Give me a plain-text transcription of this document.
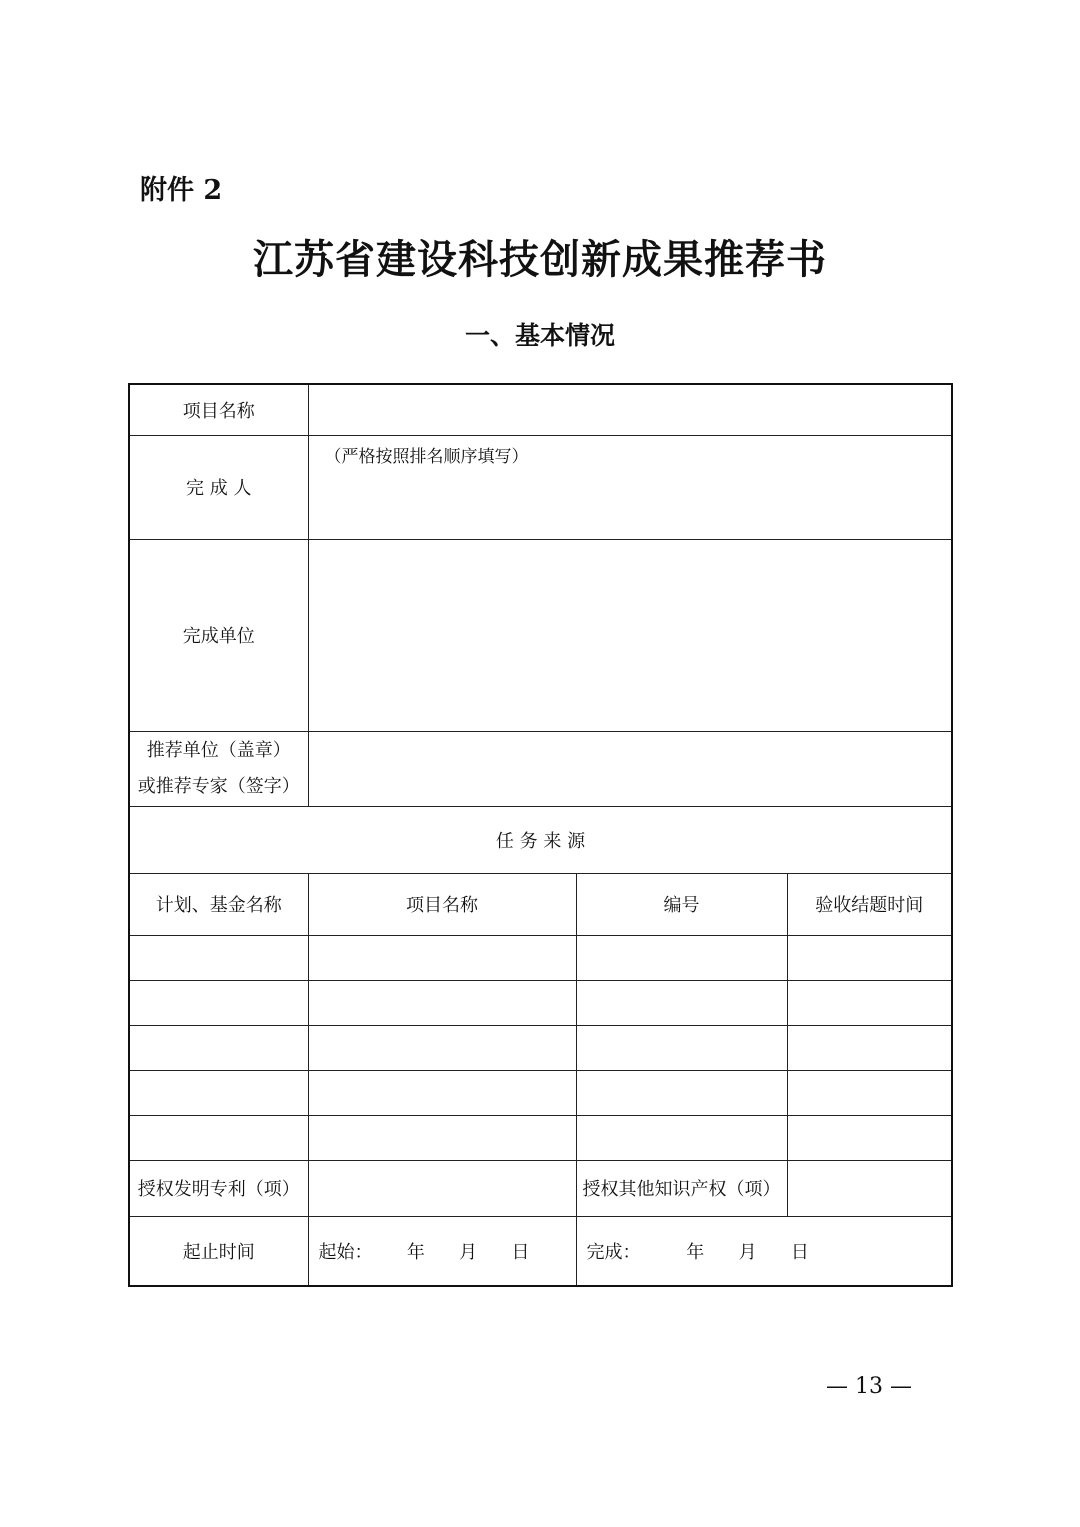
附件 2
江苏省建设科技创新成果推荐书
一、基本情况
项目名称			
完 成 人	（严格按照排名顺序填写）		
完成单位			

推荐单位（盖章）
或推荐专家（签字）			

任 务 来 源			
计划、基金名称	项目名称	编号	验收结题时间

授权发明专利（项）		授权其他知识产权（项）	
起止时间	起始：      年      月      日	完成：        年      月      日	
— 13 —
